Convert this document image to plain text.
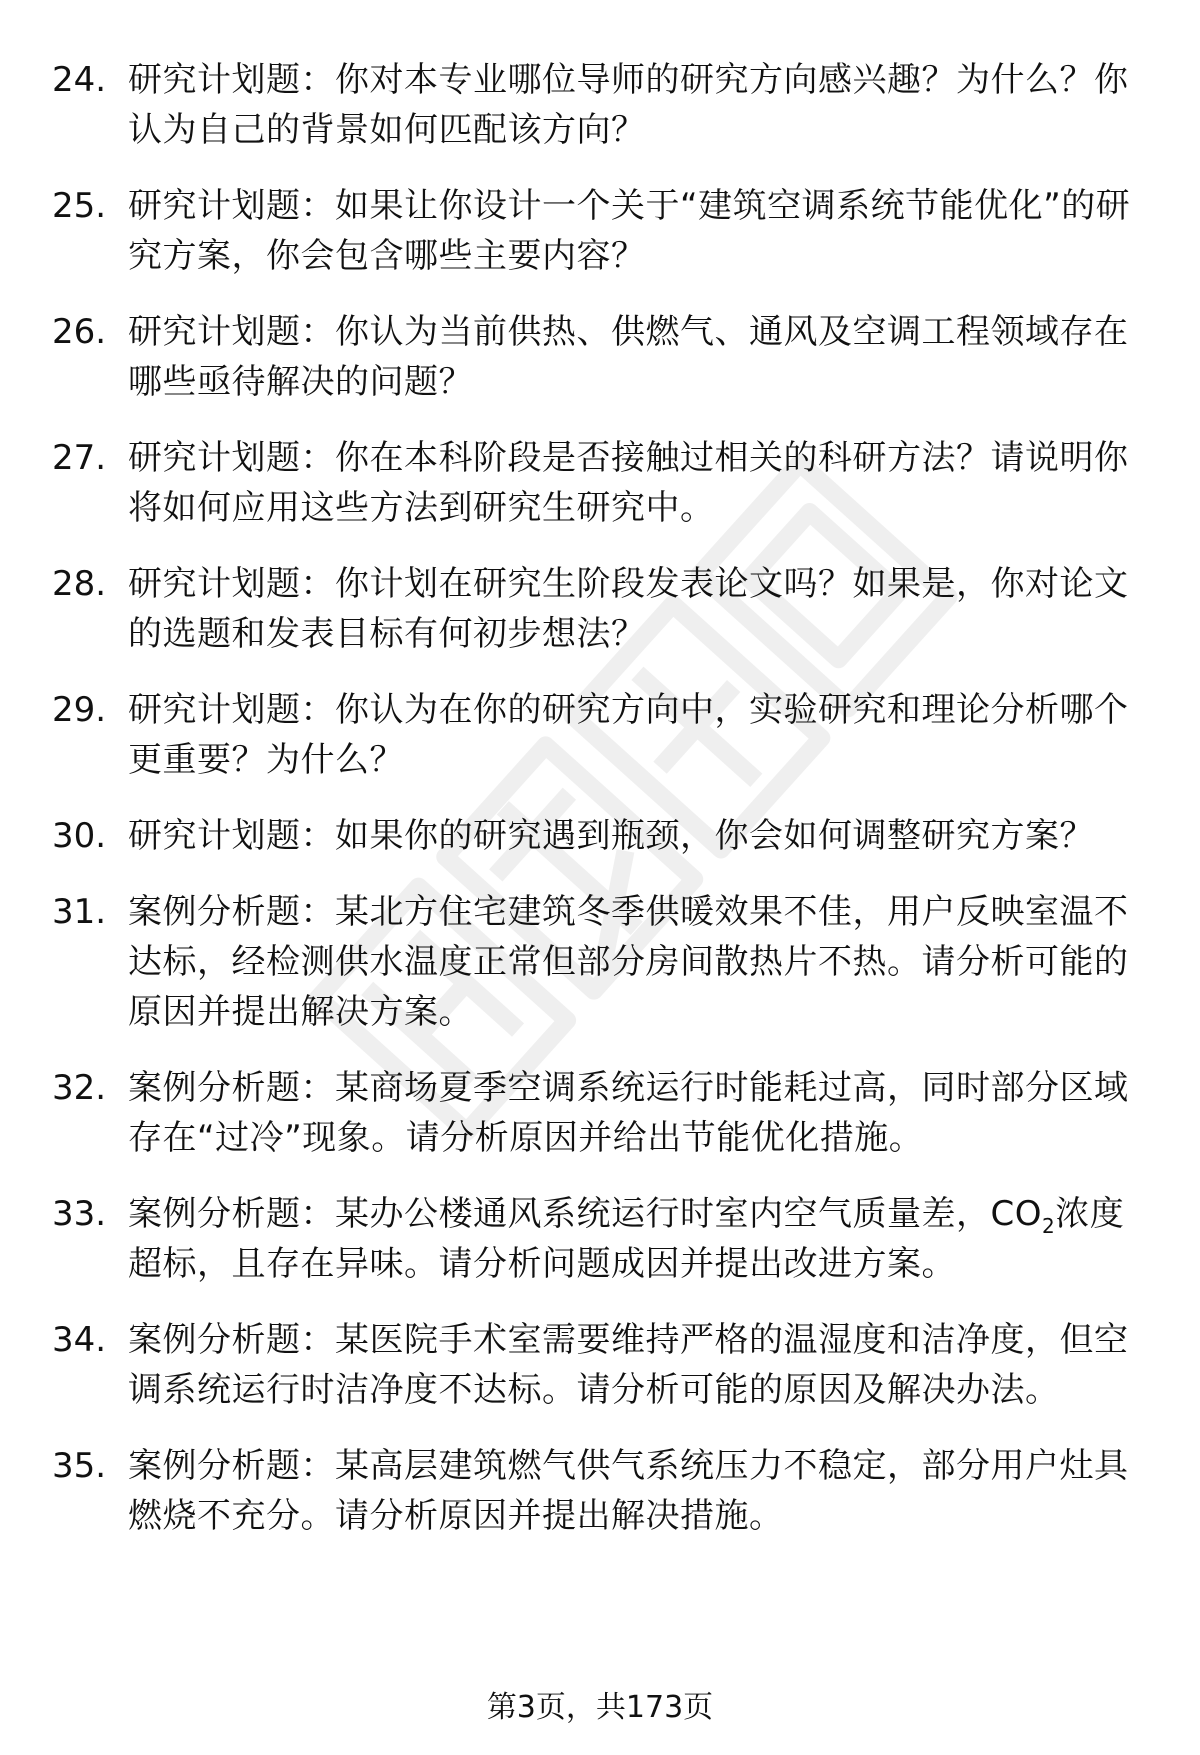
24. 研究计划题：你对本专业哪位导师的研究方向感兴趣？为什么？你认为自己的背景如何匹配该方向？
25. 研究计划题：如果让你设计一个关于“建筑空调系统节能优化”的研究方案，你会包含哪些主要内容？
26. 研究计划题：你认为当前供热、供燃气、通风及空调工程领域存在哪些亟待解决的问题？
27. 研究计划题：你在本科阶段是否接触过相关的科研方法？请说明你将如何应用这些方法到研究生研究中。
28. 研究计划题：你计划在研究生阶段发表论文吗？如果是，你对论文的选题和发表目标有何初步想法？
29. 研究计划题：你认为在你的研究方向中，实验研究和理论分析哪个更重要？为什么？
30. 研究计划题：如果你的研究遇到瓶颈，你会如何调整研究方案？
31. 案例分析题：某北方住宅建筑冬季供暖效果不佳，用户反映室温不达标，经检测供水温度正常但部分房间散热片不热。请分析可能的原因并提出解决方案。
32. 案例分析题：某商场夏季空调系统运行时能耗过高，同时部分区域存在“过冷”现象。请分析原因并给出节能优化措施。
33. 案例分析题：某办公楼通风系统运行时室内空气质量差，$CO_2$浓度超标，且存在异味。请分析问题成因并提出改进方案。
34. 案例分析题：某医院手术室需要维持严格的温湿度和洁净度，但空调系统运行时洁净度不达标。请分析可能的原因及解决办法。
35. 案例分析题：某高层建筑燃气供气系统压力不稳定，部分用户灶具燃烧不充分。请分析原因并提出解决措施。
第3页，共173页
